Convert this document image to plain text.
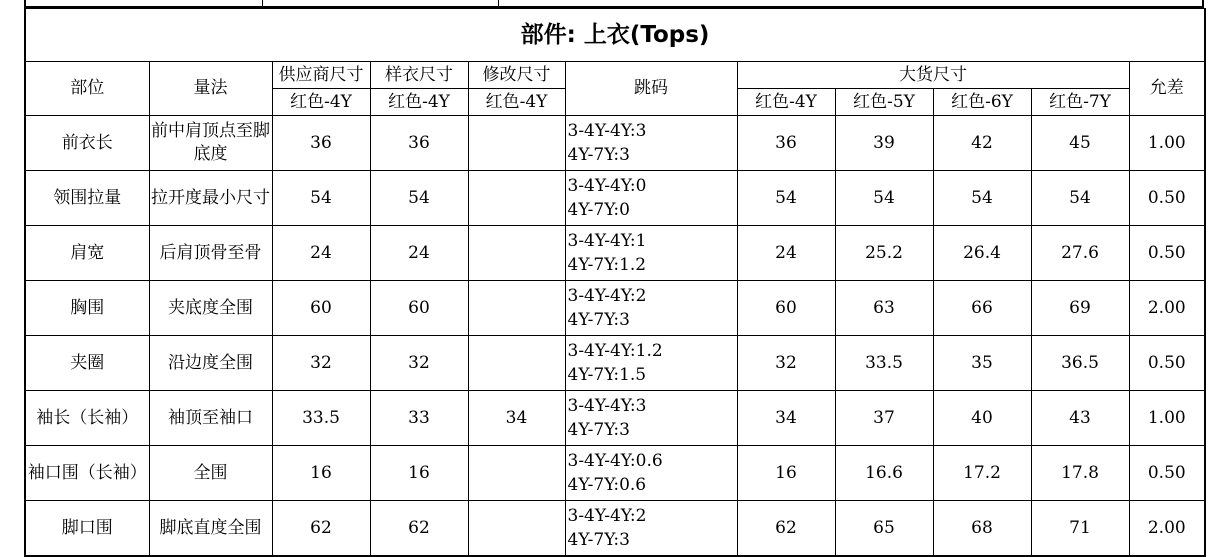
部件: 上衣(Tops)										
部位	量法	供应商尺寸	样衣尺寸	修改尺寸	跳码	大货尺寸				允差
		红色-4Y	红色-4Y	红色-4Y		红色-4Y	红色-5Y	红色-6Y	红色-7Y	
前衣长	前中肩顶点至脚底度	36	36		3-4Y-4Y:3
4Y-7Y:3	36	39	42	45	1.00
领围拉量	拉开度最小尺寸	54	54		3-4Y-4Y:0
4Y-7Y:0	54	54	54	54	0.50
肩宽	后肩顶骨至骨	24	24		3-4Y-4Y:1
4Y-7Y:1.2	24	25.2	26.4	27.6	0.50
胸围	夹底度全围	60	60		3-4Y-4Y:2
4Y-7Y:3	60	63	66	69	2.00
夹圈	沿边度全围	32	32		3-4Y-4Y:1.2
4Y-7Y:1.5	32	33.5	35	36.5	0.50
袖长（长袖）	袖顶至袖口	33.5	33	34	3-4Y-4Y:3
4Y-7Y:3	34	37	40	43	1.00
袖口围（长袖）	全围	16	16		3-4Y-4Y:0.6
4Y-7Y:0.6	16	16.6	17.2	17.8	0.50
脚口围	脚底直度全围	62	62		3-4Y-4Y:2
4Y-7Y:3	62	65	68	71	2.00
